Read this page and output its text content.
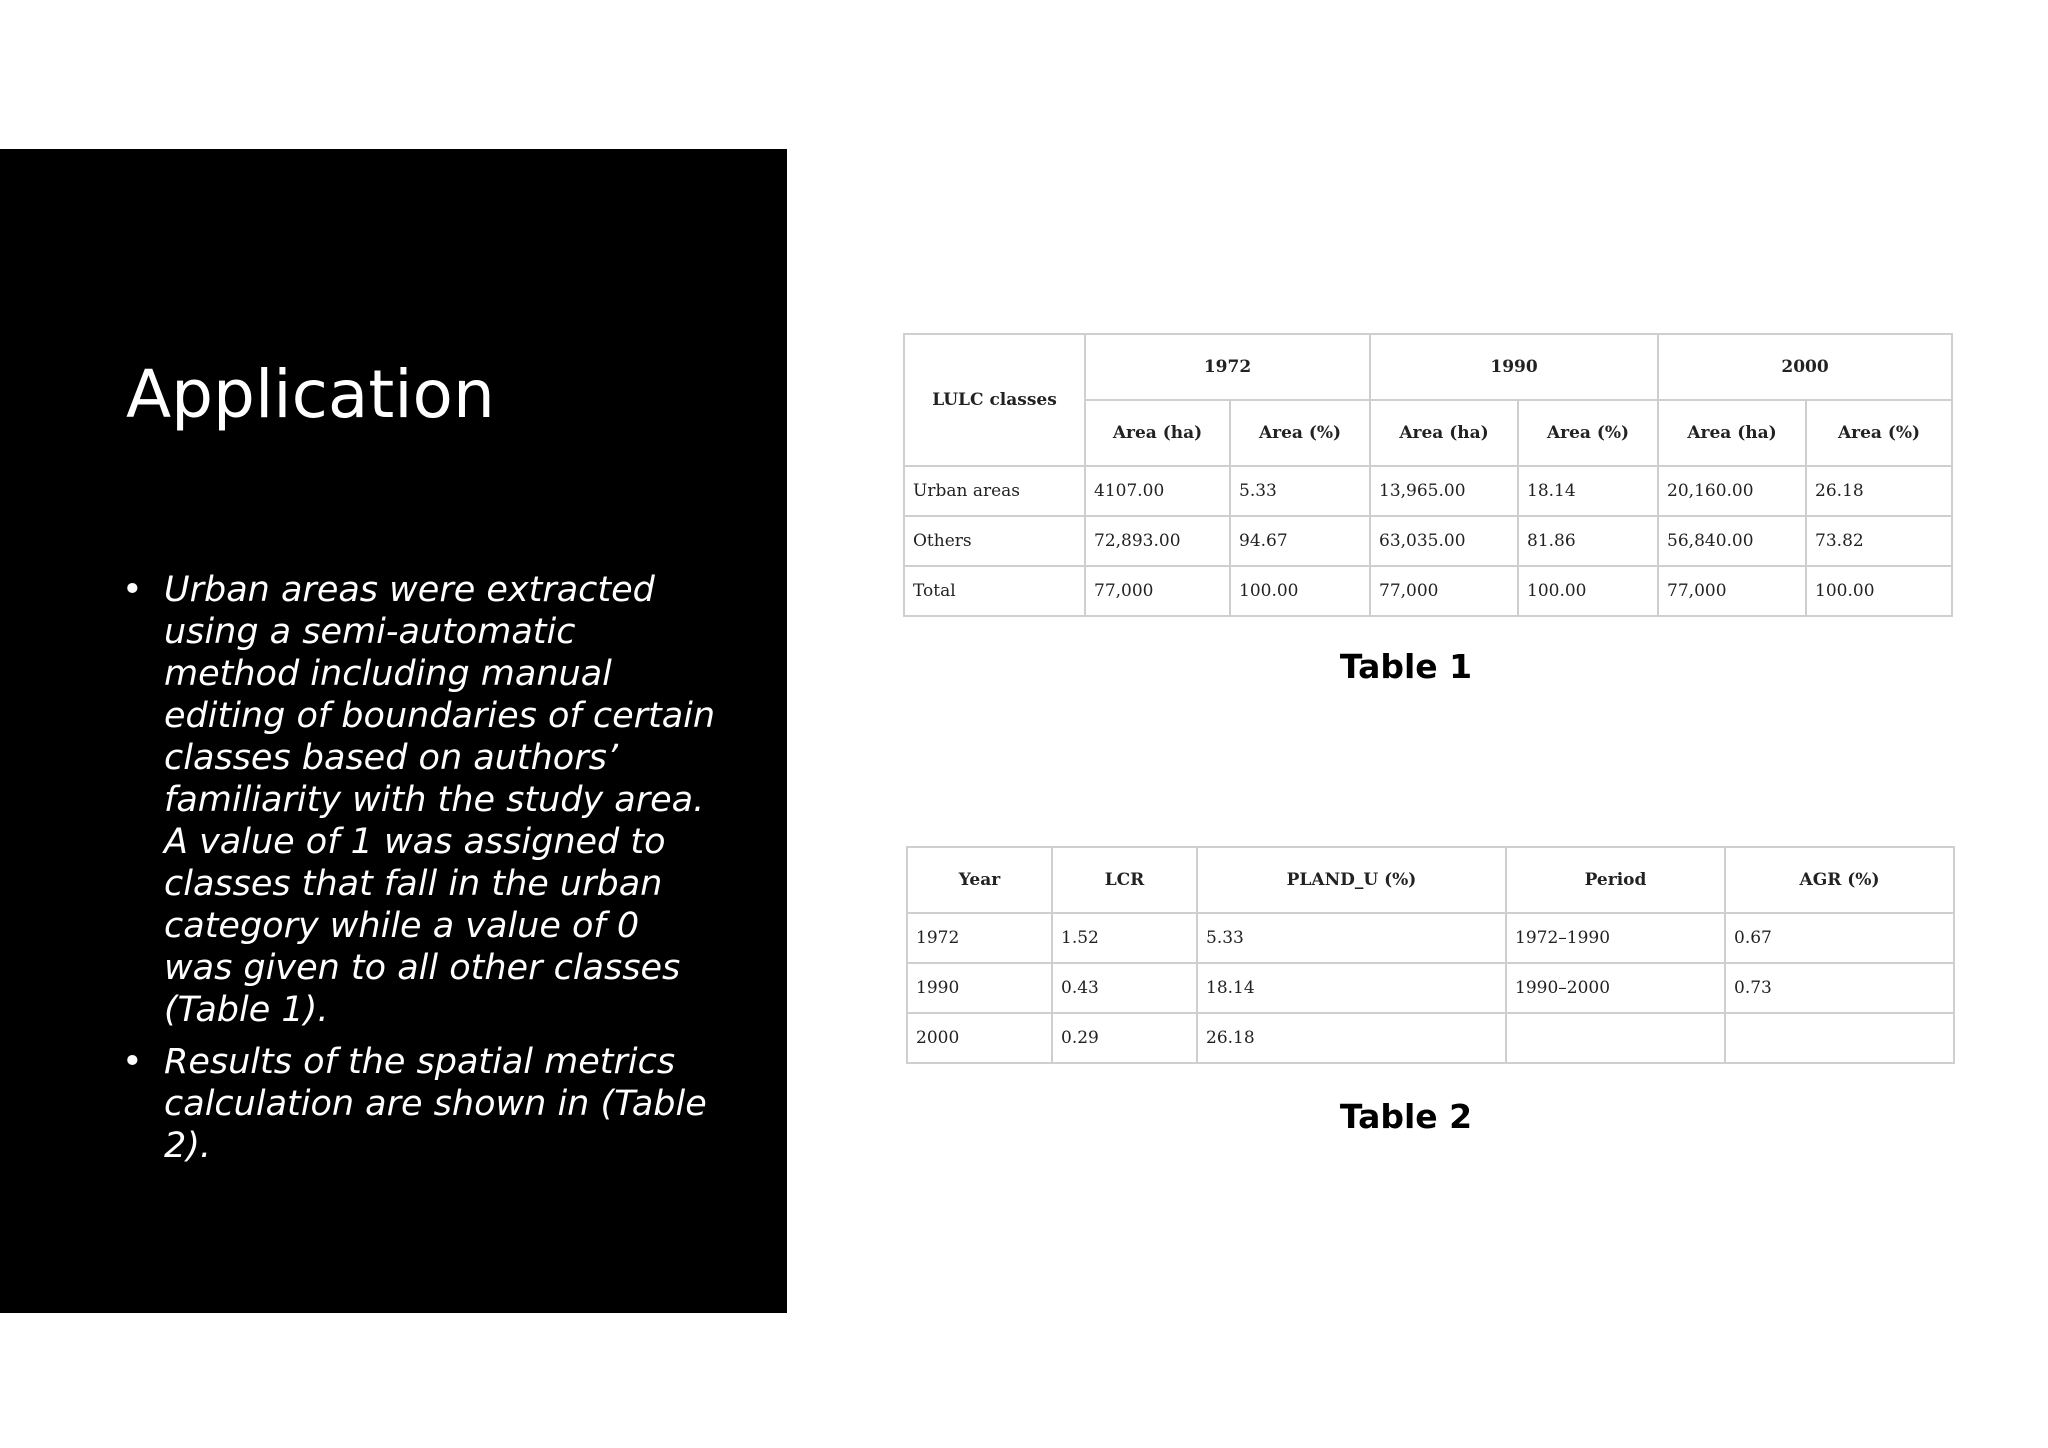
Application
• Urban areas were extracted using a semi-automatic method including manual editing of boundaries of certain classes based on authors’ familiarity with the study area. A value of 1 was assigned to classes that fall in the urban category while a value of 0 was given to all other classes (Table 1).
• Results of the spatial metrics calculation are shown in (Table 2).
LULC classes	1972		1990		2000	
	Area (ha)	Area (%)	Area (ha)	Area (%)	Area (ha)	Area (%)
Urban areas	4107.00	5.33	13,965.00	18.14	20,160.00	26.18
Others	72,893.00	94.67	63,035.00	81.86	56,840.00	73.82
Total	77,000	100.00	77,000	100.00	77,000	100.00
Table 1
Year	LCR	PLAND_U (%)	Period	AGR (%)
1972	1.52	5.33	1972–1990	0.67
1990	0.43	18.14	1990–2000	0.73
2000	0.29	26.18		
Table 2
